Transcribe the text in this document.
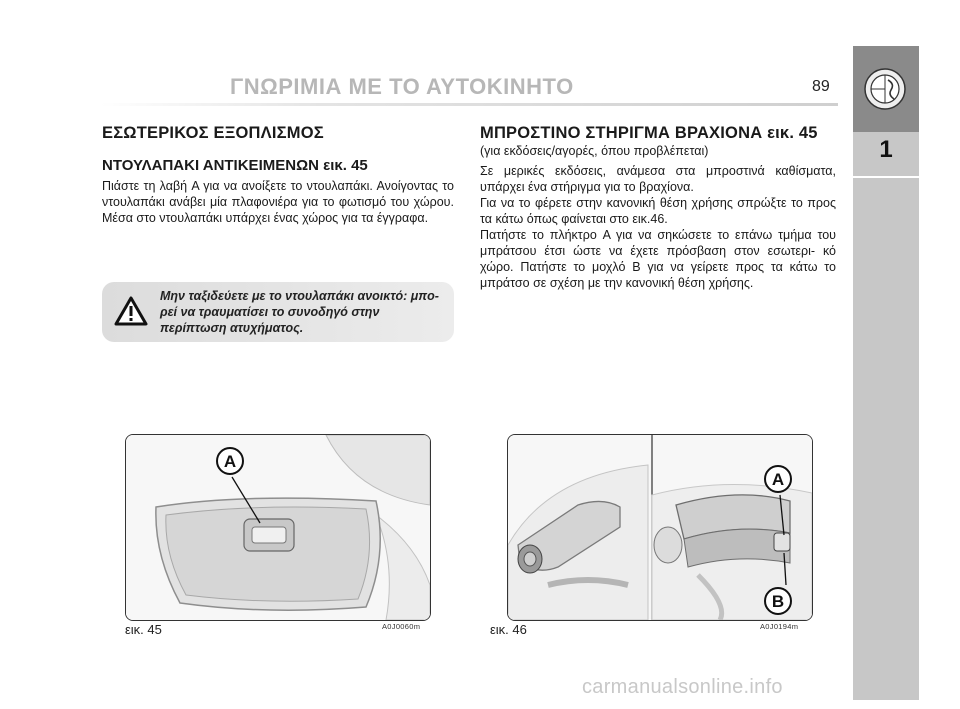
ΓΝΩΡΙΜΙΑ ΜΕ ΤΟ ΑΥΤΟΚΙΝΗΤΟ	89
1
ΕΣΩΤΕΡΙΚΟΣ ΕΞΟΠΛΙΣΜΟΣ
ΝΤΟΥΛΑΠΑΚΙ ΑΝΤΙΚΕΙΜΕΝΩΝ εικ. 45

Πιάστε τη λαβή A για να ανοίξετε το ντουλαπάκι. Ανοίγοντας το ντουλαπάκι ανάβει μία πλαφονιέρα για το φωτισμό του χώρου. Μέσα στο ντουλαπάκι υπάρχει ένας χώρος για τα έγγραφα.

Μην ταξιδεύετε με το ντουλαπάκι ανοικτό: μπο- ρεί να τραυματίσει το συνοδηγό στην περίπτωση ατυχήματος.
ΜΠΡΟΣΤΙΝΟ ΣΤΗΡΙΓΜΑ ΒΡΑΧΙΟΝΑ εικ. 45

(για εκδόσεις/αγορές, όπου προβλέπεται)

Σε μερικές εκδόσεις, ανάμεσα στα μπροστινά καθίσματα, υπάρχει ένα στήριγμα για το βραχίονα.

Για να το φέρετε στην κανονική θέση χρήσης σπρώξτε το προς τα κάτω όπως φαίνεται στο εικ.46.

Πατήστε το πλήκτρο A για να σηκώσετε το επάνω τμήμα του μπράτσου έτσι ώστε να έχετε πρόσβαση στον εσωτερι- κό χώρο. Πατήστε το μοχλό B για να γείρετε προς τα κάτω το μπράτσο σε σχέση με την κανονική θέση χρήσης.

A
εικ. 45	A0J0060m
A
B
εικ. 46	A0J0194m
carmanualsonline.info
